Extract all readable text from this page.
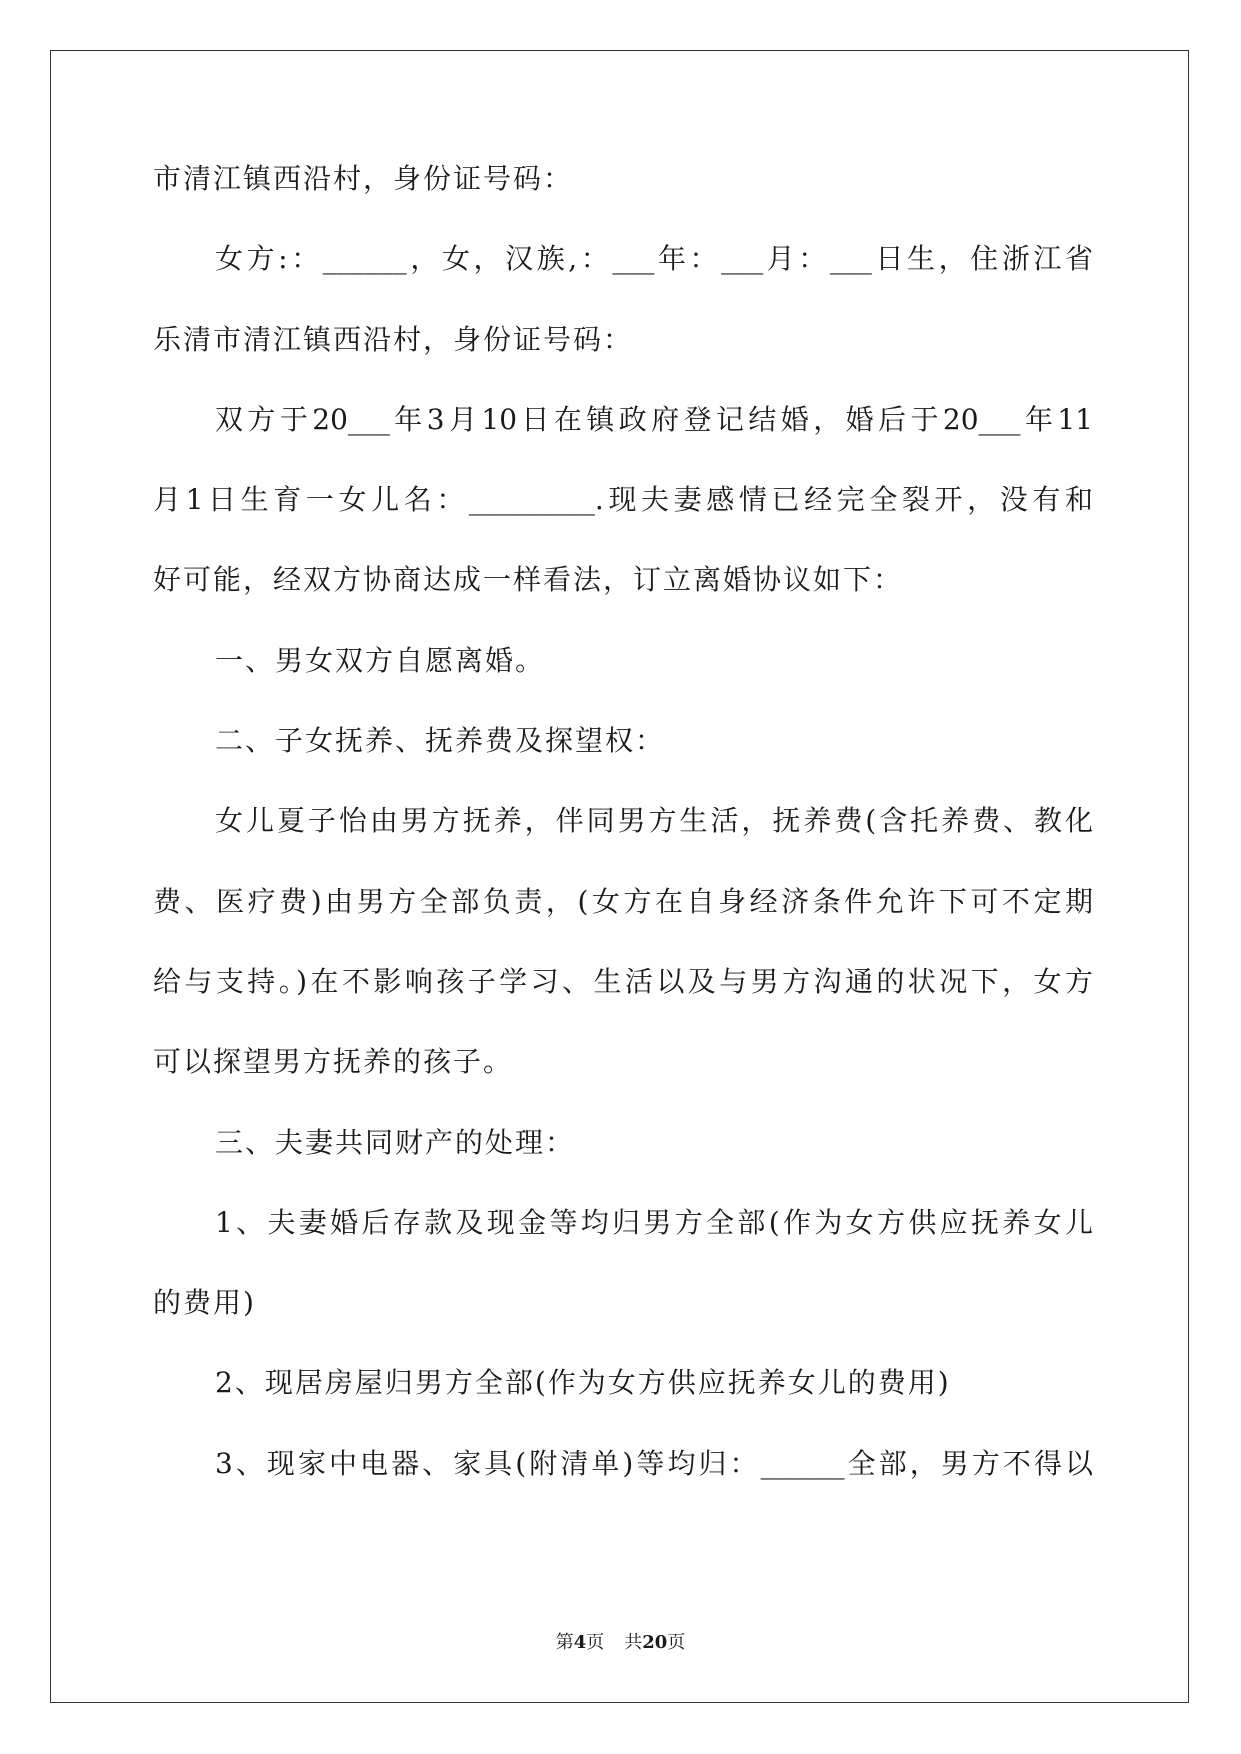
市清江镇西沿村，身份证号码：
女方:：______，女，汉族,：___年：___月：___日生，住浙江省
乐清市清江镇西沿村，身份证号码：
双方于20___年3月10日在镇政府登记结婚，婚后于20___年11
月1日生育一女儿名：_________.现夫妻感情已经完全裂开，没有和
好可能，经双方协商达成一样看法，订立离婚协议如下：
一、男女双方自愿离婚。
二、子女抚养、抚养费及探望权：
女儿夏子怡由男方抚养，伴同男方生活，抚养费(含托养费、教化
费、医疗费)由男方全部负责，(女方在自身经济条件允许下可不定期
给与支持。)在不影响孩子学习、生活以及与男方沟通的状况下，女方
可以探望男方抚养的孩子。
三、夫妻共同财产的处理：
1、夫妻婚后存款及现金等均归男方全部(作为女方供应抚养女儿
的费用)
2、现居房屋归男方全部(作为女方供应抚养女儿的费用)
3、现家中电器、家具(附清单)等均归：______全部，男方不得以
第4页 共20页
